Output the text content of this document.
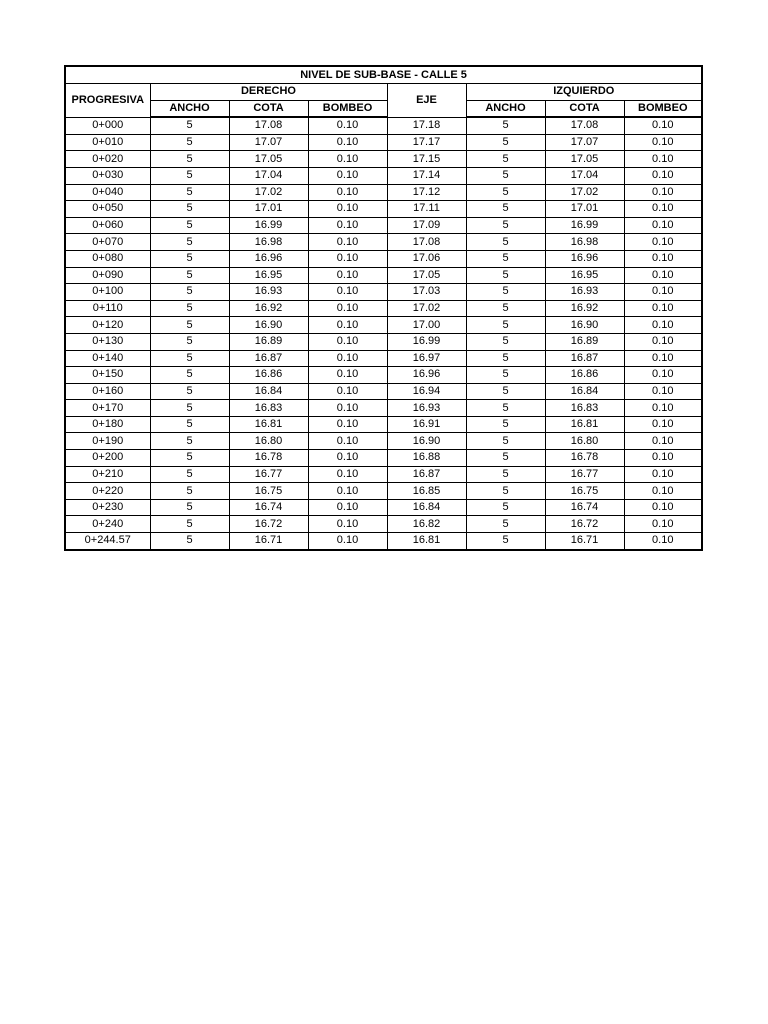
NIVEL DE SUB-BASE - CALLE 5							
PROGRESIVA	DERECHO			EJE	IZQUIERDO		
	ANCHO	COTA	BOMBEO		ANCHO	COTA	BOMBEO
0+000	5	17.08	0.10	17.18	5	17.08	0.10
0+010	5	17.07	0.10	17.17	5	17.07	0.10
0+020	5	17.05	0.10	17.15	5	17.05	0.10
0+030	5	17.04	0.10	17.14	5	17.04	0.10
0+040	5	17.02	0.10	17.12	5	17.02	0.10
0+050	5	17.01	0.10	17.11	5	17.01	0.10
0+060	5	16.99	0.10	17.09	5	16.99	0.10
0+070	5	16.98	0.10	17.08	5	16.98	0.10
0+080	5	16.96	0.10	17.06	5	16.96	0.10
0+090	5	16.95	0.10	17.05	5	16.95	0.10
0+100	5	16.93	0.10	17.03	5	16.93	0.10
0+110	5	16.92	0.10	17.02	5	16.92	0.10
0+120	5	16.90	0.10	17.00	5	16.90	0.10
0+130	5	16.89	0.10	16.99	5	16.89	0.10
0+140	5	16.87	0.10	16.97	5	16.87	0.10
0+150	5	16.86	0.10	16.96	5	16.86	0.10
0+160	5	16.84	0.10	16.94	5	16.84	0.10
0+170	5	16.83	0.10	16.93	5	16.83	0.10
0+180	5	16.81	0.10	16.91	5	16.81	0.10
0+190	5	16.80	0.10	16.90	5	16.80	0.10
0+200	5	16.78	0.10	16.88	5	16.78	0.10
0+210	5	16.77	0.10	16.87	5	16.77	0.10
0+220	5	16.75	0.10	16.85	5	16.75	0.10
0+230	5	16.74	0.10	16.84	5	16.74	0.10
0+240	5	16.72	0.10	16.82	5	16.72	0.10
0+244.57	5	16.71	0.10	16.81	5	16.71	0.10
